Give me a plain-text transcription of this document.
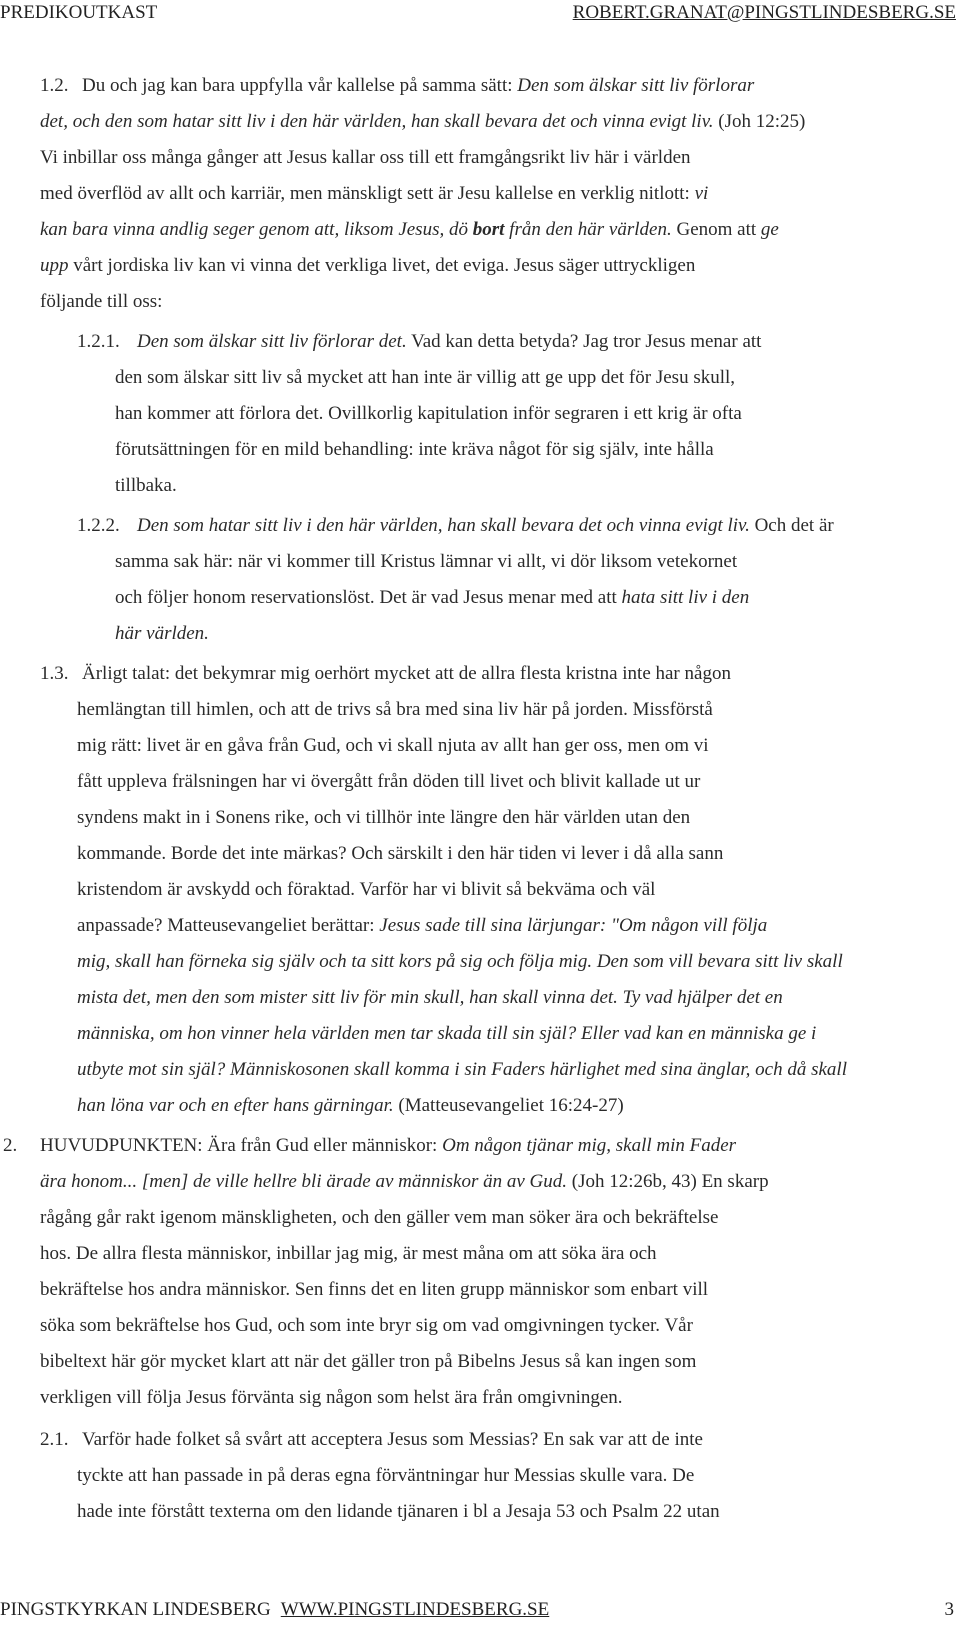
PREDIKOUTKAST	ROBERT.GRANAT@PINGSTLINDESBERG.SE
1.2. Du och jag kan bara uppfylla vår kallelse på samma sätt: Den som älskar sitt liv förlorar
det, och den som hatar sitt liv i den här världen, han skall bevara det och vinna evigt liv. (Joh 12:25)
Vi inbillar oss många gånger att Jesus kallar oss till ett framgångsrikt liv här i världen
med överflöd av allt och karriär, men mänskligt sett är Jesu kallelse en verklig nitlott: vi
kan bara vinna andlig seger genom att, liksom Jesus, dö bort från den här världen. Genom att ge
upp vårt jordiska liv kan vi vinna det verkliga livet, det eviga. Jesus säger uttryckligen
följande till oss:
1.2.1. Den som älskar sitt liv förlorar det. Vad kan detta betyda? Jag tror Jesus menar att
den som älskar sitt liv så mycket att han inte är villig att ge upp det för Jesu skull,
han kommer att förlora det. Ovillkorlig kapitulation inför segraren i ett krig är ofta
förutsättningen för en mild behandling: inte kräva något för sig själv, inte hålla
tillbaka.
1.2.2. Den som hatar sitt liv i den här världen, han skall bevara det och vinna evigt liv. Och det är
samma sak här: när vi kommer till Kristus lämnar vi allt, vi dör liksom vetekornet
och följer honom reservationslöst. Det är vad Jesus menar med att hata sitt liv i den
här världen.
1.3. Ärligt talat: det bekymrar mig oerhört mycket att de allra flesta kristna inte har någon
hemlängtan till himlen, och att de trivs så bra med sina liv här på jorden. Missförstå
mig rätt: livet är en gåva från Gud, och vi skall njuta av allt han ger oss, men om vi
fått uppleva frälsningen har vi övergått från döden till livet och blivit kallade ut ur
syndens makt in i Sonens rike, och vi tillhör inte längre den här världen utan den
kommande. Borde det inte märkas? Och särskilt i den här tiden vi lever i då alla sann
kristendom är avskydd och föraktad. Varför har vi blivit så bekväma och väl
anpassade? Matteusevangeliet berättar: Jesus sade till sina lärjungar: "Om någon vill följa
mig, skall han förneka sig själv och ta sitt kors på sig och följa mig. Den som vill bevara sitt liv skall
mista det, men den som mister sitt liv för min skull, han skall vinna det. Ty vad hjälper det en
människa, om hon vinner hela världen men tar skada till sin själ? Eller vad kan en människa ge i
utbyte mot sin själ? Människosonen skall komma i sin Faders härlighet med sina änglar, och då skall
han löna var och en efter hans gärningar. (Matteusevangeliet 16:24-27)
2. HUVUDPUNKTEN: Ära från Gud eller människor: Om någon tjänar mig, skall min Fader
ära honom... [men] de ville hellre bli ärade av människor än av Gud. (Joh 12:26b, 43) En skarp
rågång går rakt igenom mänskligheten, och den gäller vem man söker ära och bekräftelse
hos. De allra flesta människor, inbillar jag mig, är mest måna om att söka ära och
bekräftelse hos andra människor. Sen finns det en liten grupp människor som enbart vill
söka som bekräftelse hos Gud, och som inte bryr sig om vad omgivningen tycker. Vår
bibeltext här gör mycket klart att när det gäller tron på Bibelns Jesus så kan ingen som
verkligen vill följa Jesus förvänta sig någon som helst ära från omgivningen.
2.1. Varför hade folket så svårt att acceptera Jesus som Messias? En sak var att de inte
tyckte att han passade in på deras egna förväntningar hur Messias skulle vara. De
hade inte förstått texterna om den lidande tjänaren i bl a Jesaja 53 och Psalm 22 utan
PINGSTKYRKAN LINDESBERG WWW.PINGSTLINDESBERG.SE	3
